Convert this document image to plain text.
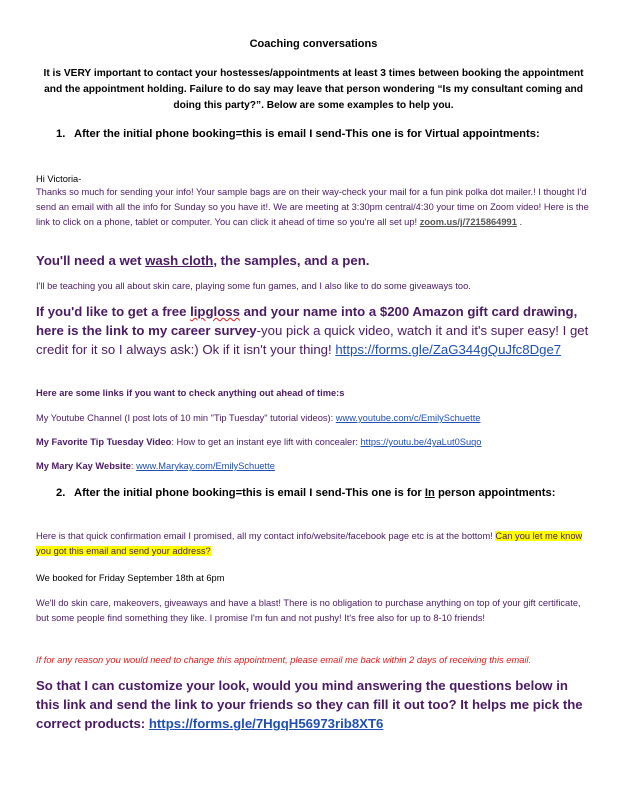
Coaching conversations
It is VERY important to contact your hostesses/appointments at least 3 times between booking the appointment and the appointment holding. Failure to do say may leave that person wondering “Is my consultant coming and doing this party?”. Below are some examples to help you.
1. After the initial phone booking=this is email I send-This one is for Virtual appointments:
Hi Victoria-
Thanks so much for sending your info! Your sample bags are on their way-check your mail for a fun pink polka dot mailer.! I thought I'd send an email with all the info for Sunday so you have it!. We are meeting at 3:30pm central/4:30 your time on Zoom video! Here is the link to click on a phone, tablet or computer. You can click it ahead of time so you're all set up! zoom.us/j/7215864991 .
You'll need a wet wash cloth, the samples, and a pen.
I'll be teaching you all about skin care, playing some fun games, and I also like to do some giveaways too.
If you'd like to get a free lipgloss and your name into a $200 Amazon gift card drawing, here is the link to my career survey-you pick a quick video, watch it and it's super easy! I get credit for it so I always ask:) Ok if it isn't your thing! https://forms.gle/ZaG344gQuJfc8Dge7
Here are some links if you want to check anything out ahead of time:s
My Youtube Channel (I post lots of 10 min "Tip Tuesday" tutorial videos): www.youtube.com/c/EmilySchuette
My Favorite Tip Tuesday Video: How to get an instant eye lift with concealer: https://youtu.be/4yaLut0Suqo
My Mary Kay Website: www.Marykay.com/EmilySchuette
2. After the initial phone booking=this is email I send-This one is for In person appointments:
Here is that quick confirmation email I promised, all my contact info/website/facebook page etc is at the bottom! Can you let me know you got this email and send your address?
We booked for Friday September 18th at 6pm
We'll do skin care, makeovers, giveaways and have a blast! There is no obligation to purchase anything on top of your gift certificate, but some people find something they like. I promise I'm fun and not pushy! It's free also for up to 8-10 friends!
If for any reason you would need to change this appointment, please email me back within 2 days of receiving this email.
So that I can customize your look, would you mind answering the questions below in this link and send the link to your friends so they can fill it out too? It helps me pick the correct products: https://forms.gle/7HgqH56973rib8XT6
